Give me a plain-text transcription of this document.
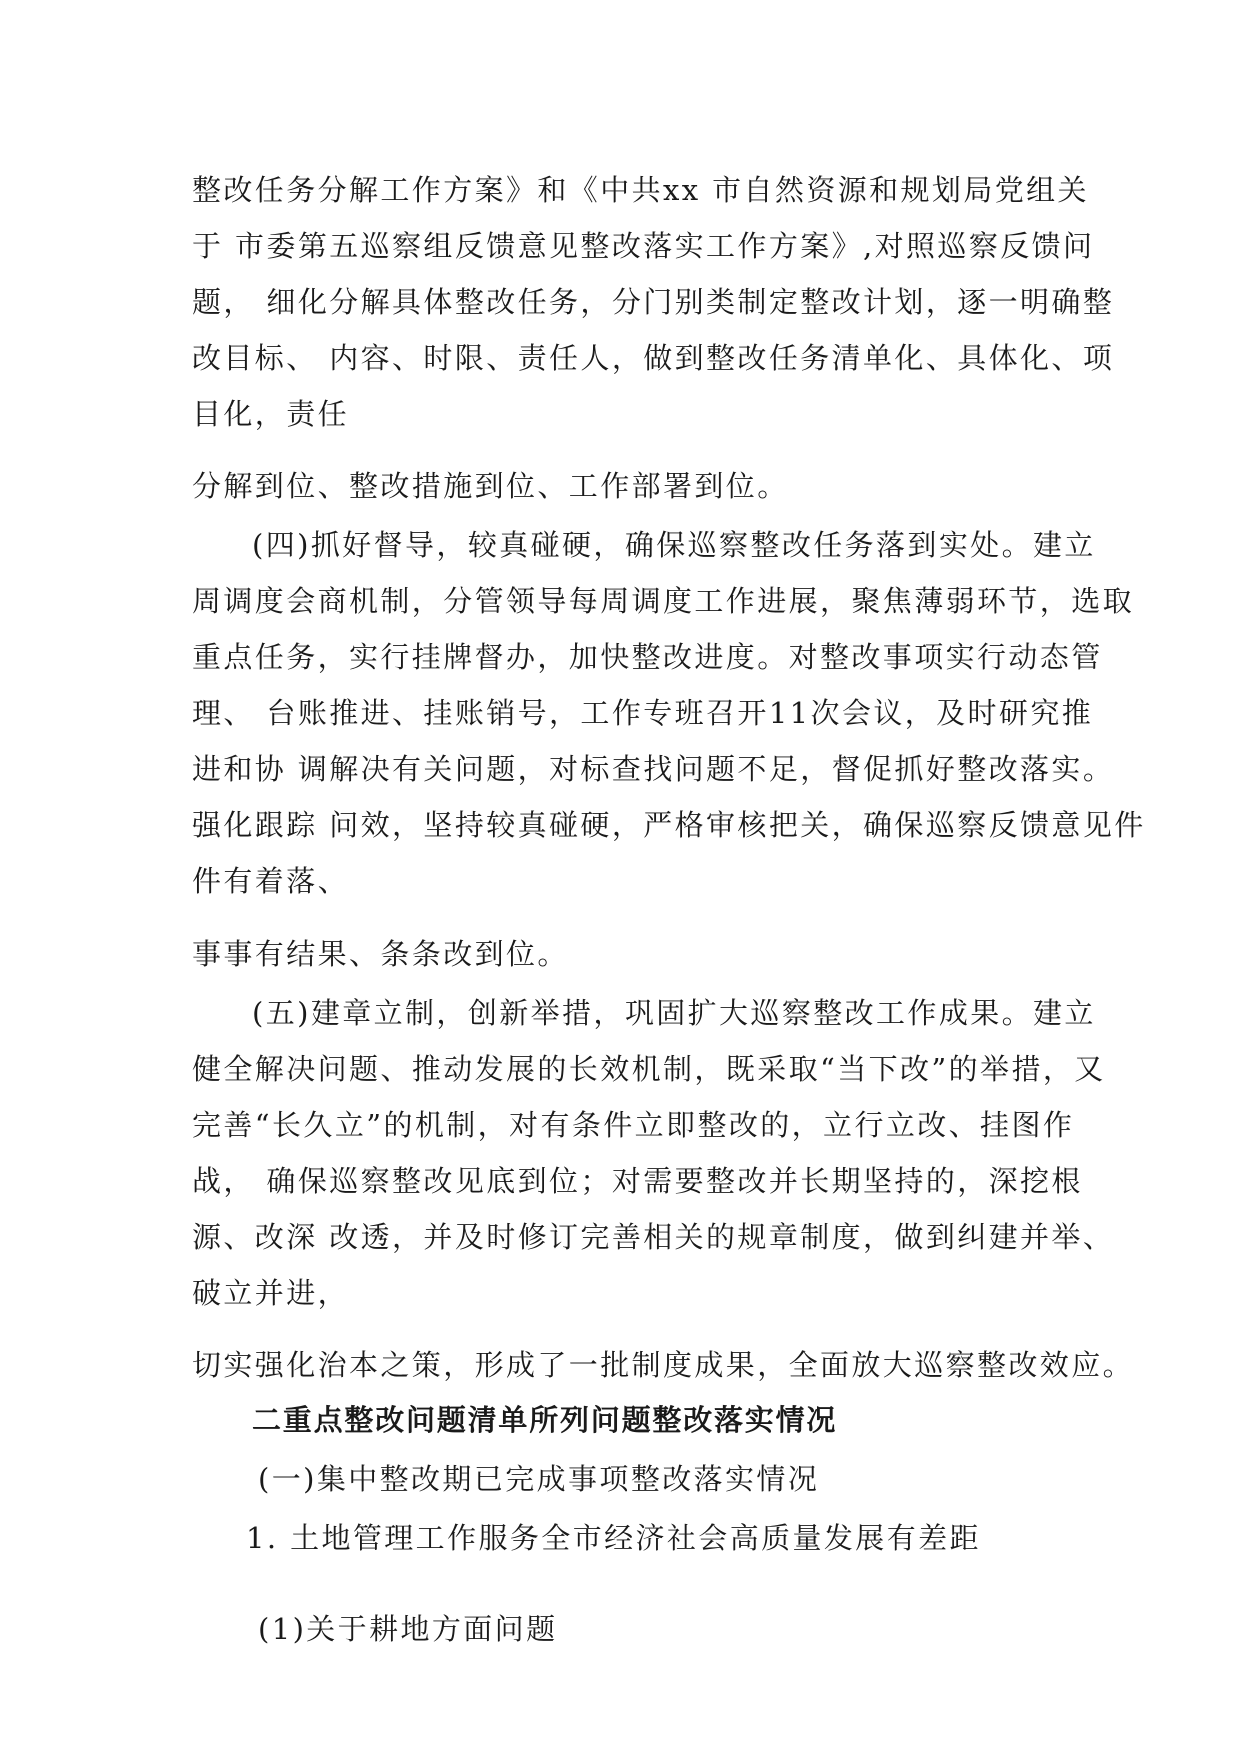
整改任务分解工作方案》和《中共xx 市自然资源和规划局党组关
于 市委第五巡察组反馈意见整改落实工作方案》,对照巡察反馈问
题， 细化分解具体整改任务，分门别类制定整改计划，逐一明确整
改目标、 内容、时限、责任人，做到整改任务清单化、具体化、项
目化，责任
分解到位、整改措施到位、工作部署到位。
(四)抓好督导，较真碰硬，确保巡察整改任务落到实处。建立
周调度会商机制，分管领导每周调度工作进展，聚焦薄弱环节，选取
重点任务，实行挂牌督办，加快整改进度。对整改事项实行动态管
理、 台账推进、挂账销号，工作专班召开11次会议，及时研究推
进和协 调解决有关问题，对标查找问题不足，督促抓好整改落实。
强化跟踪 问效，坚持较真碰硬，严格审核把关，确保巡察反馈意见件
件有着落、
事事有结果、条条改到位。
(五)建章立制，创新举措，巩固扩大巡察整改工作成果。建立
健全解决问题、推动发展的长效机制，既采取“当下改”的举措，又
完善“长久立”的机制，对有条件立即整改的，立行立改、挂图作
战， 确保巡察整改见底到位；对需要整改并长期坚持的，深挖根
源、改深 改透，并及时修订完善相关的规章制度，做到纠建并举、
破立并进，
切实强化治本之策，形成了一批制度成果，全面放大巡察整改效应。
二重点整改问题清单所列问题整改落实情况
(一)集中整改期已完成事项整改落实情况
1. 土地管理工作服务全市经济社会高质量发展有差距
(1)关于耕地方面问题
